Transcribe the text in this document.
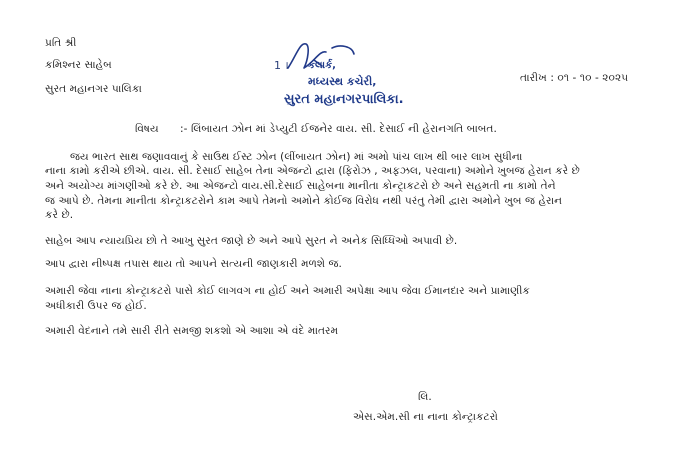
પ્રતિ શ્રી
કમિશ્નર સાહેબ
સુરત મહાનગર પાલિકા
તારીખ : ૦૧ - ૧૦ - ૨૦૨૫
1 । કલાર્ક,
મધ્યસ્થ કચેરી,
સુરત મહાનગરપાલિકા.
વિષય :- લિંબાયત ઝોન માં ડેપ્યુટી ઈજનેર વાય. સી. દેસાઈ ની હેરાનગતિ બાબત.
જય ભારત સાથ જણાવવાનું કે સાઉથ ઈસ્ટ ઝોન (લીંબાયત ઝોન) માં અમો પાંચ લાખ થી બાર લાખ સુધીના
નાના કામો કરીએ છીએ. વાય. સી. દેસાઈ સાહેબ તેના એજન્ટો દ્વારા (ફિરોઝ , અફઝલ, પરવાના) અમોને ખુબજ હેરાન કરે છે
અને અયોગ્ય માંગણીઓ કરે છે. આ એજન્ટો વાય.સી.દેસાઈ સાહેબના માનીતા કોન્ટ્રાકટરો છે અને સહમતી ના કામો તેને
જ આપે છે. તેમના માનીતા કોન્ટ્રાકટરોને કામ આપે તેમનો અમોને કોઈજ વિરોધ નથી પરંતુ તેમી દ્વારા અમોને ખુબ જ હેરાન
કરે છે.
સાહેબ આપ ન્યાયપ્રિય છો તે આખુ સુરત જાણે છે અને આપે સુરત ને અનેક સિધ્ધિઓ અપાવી છે.
આપ દ્વારા નીષ્પક્ષ તપાસ થાય તો આપને સત્યની જાણકારી મળશે જ.
અમારી જેવા નાના કોન્ટ્રાકટરો પાસે કોઈ લાગવગ ના હોઈ અને અમારી અપેક્ષા આપ જેવા ઈમાનદાર અને પ્રામાણીક
અધીકારી ઉપર જ હોઈ.
અમારી વેદનાને તમે સારી રીતે સમજી શકશો એ આશા એ વંદે માતરમ
લિ.
એસ.એમ.સી ના નાના કોન્ટ્રાકટરો
